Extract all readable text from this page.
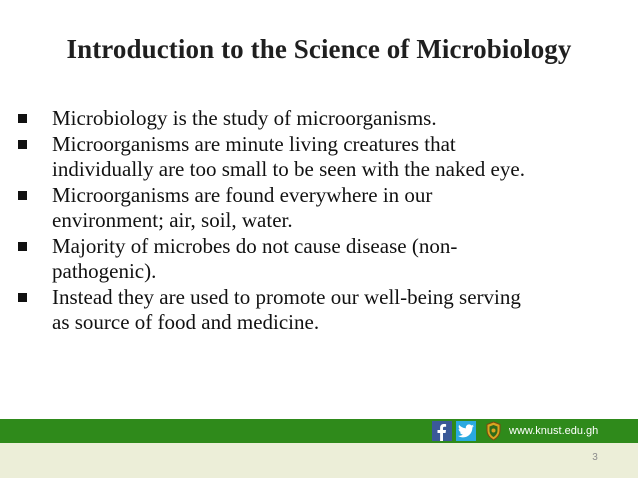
Introduction to the Science of Microbiology
Microbiology is the study of microorganisms.
Microorganisms are minute living creatures that
individually are too small to be seen with the naked eye.
Microorganisms are found everywhere in our
environment; air, soil, water.
Majority of microbes do not cause disease (non-
pathogenic).
Instead they are used to promote our well-being serving
as source of food and medicine.
www.knust.edu.gh
3
